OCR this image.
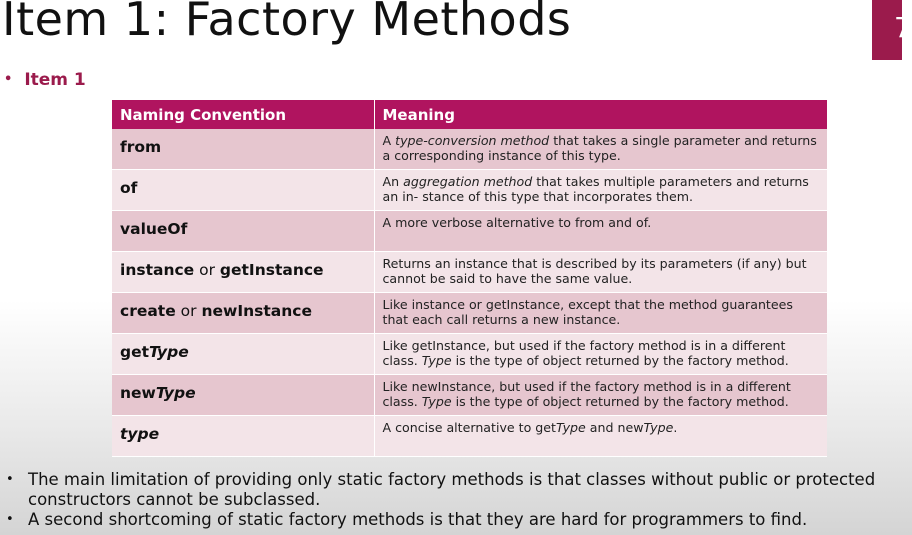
Item 1: Factory Methods	7
• Item 1
Naming Convention	Meaning
from	A type-conversion method that takes a single parameter and returns a corresponding instance of this type.
of	An aggregation method that takes multiple parameters and returns an in- stance of this type that incorporates them.
valueOf	A more verbose alternative to from and of.
instance or getInstance	Returns an instance that is described by its parameters (if any) but cannot be said to have the same value.
create or newInstance	Like instance or getInstance, except that the method guarantees that each call returns a new instance.
getType	Like getInstance, but used if the factory method is in a different class. Type is the type of object returned by the factory method.
newType	Like newInstance, but used if the factory method is in a different class. Type is the type of object returned by the factory method.
type	A concise alternative to getType and newType.
• The main limitation of providing only static factory methods is that classes without public or protected constructors cannot be subclassed.
• A second shortcoming of static factory methods is that they are hard for programmers to find.
